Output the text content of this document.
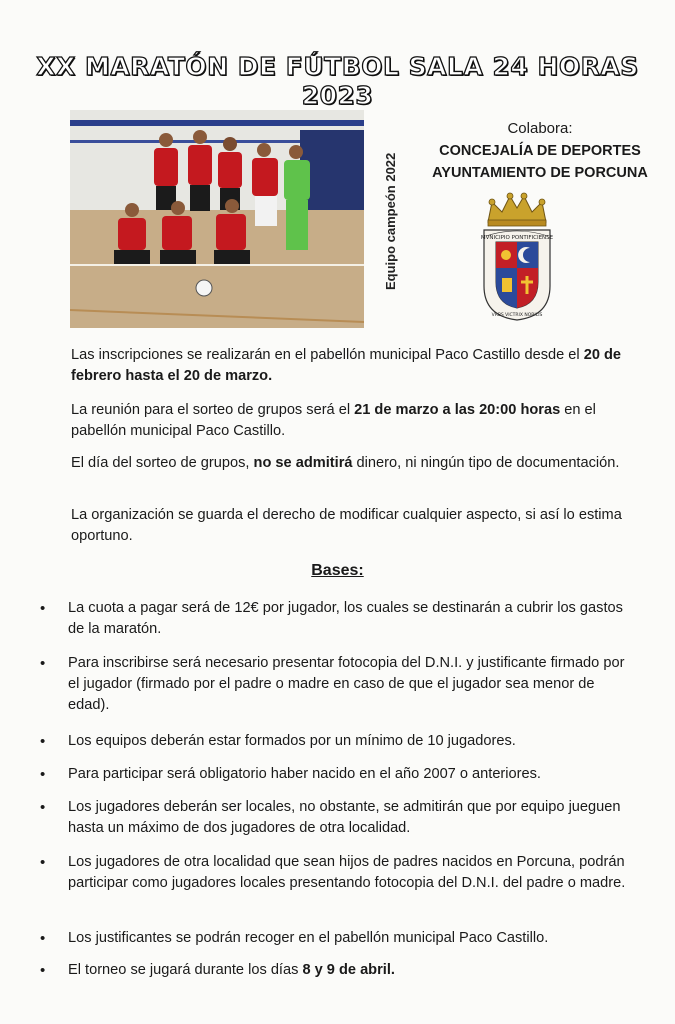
XX MARATÓN DE FÚTBOL SALA 24 HORAS 2023
Equipo campeón 2022
Colabora:
CONCEJALÍA DE DEPORTES
AYUNTAMIENTO DE PORCUNA
MVNICIPIO PONTIFICIENSE
VRBS VICTRIX NOBILIS
Las inscripciones se realizarán en el pabellón municipal Paco Castillo desde el 20 de febrero hasta el 20 de marzo.
La reunión para el sorteo de grupos será el 21 de marzo a las 20:00 horas en el pabellón municipal Paco Castillo.
El día del sorteo de grupos, no se admitirá dinero, ni ningún tipo de documentación.
La organización se guarda el derecho de modificar cualquier aspecto, si así lo estima oportuno.
Bases:
•	La cuota a pagar será de 12€ por jugador, los cuales se destinarán a cubrir los gastos de la maratón.
•	Para inscribirse será necesario presentar fotocopia del D.N.I. y justificante firmado por el jugador (firmado por el padre o madre en caso de que el jugador sea menor de edad).
•	Los equipos deberán estar formados por un mínimo de 10 jugadores.
•	Para participar será obligatorio haber nacido en el año 2007 o anteriores.
•	Los jugadores deberán ser locales, no obstante, se admitirán que por equipo jueguen hasta un máximo de dos jugadores de otra localidad.
•	Los jugadores de otra localidad que sean hijos de padres nacidos en Porcuna, podrán participar como jugadores locales presentando fotocopia del D.N.I. del padre o madre.
•	Los justificantes se podrán recoger en el pabellón municipal Paco Castillo.
•	El torneo se jugará durante los días 8 y 9 de abril.
